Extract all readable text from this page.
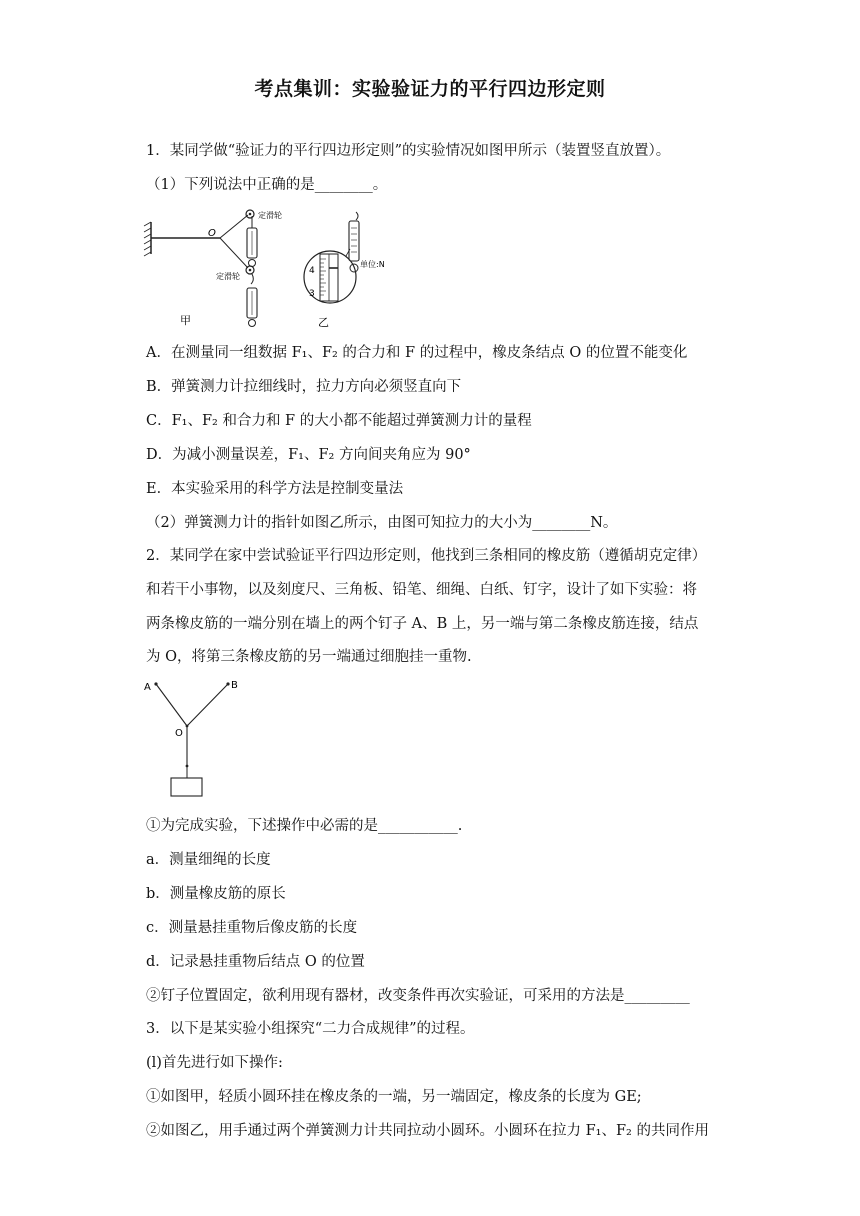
考点集训：实验验证力的平行四边形定则
1．某同学做“验证力的平行四边形定则”的实验情况如图甲所示（装置竖直放置）。
（1）下列说法中正确的是________。
O
定滑轮
定滑轮
甲
4
3
单位:N
乙
A．在测量同一组数据 F₁、F₂ 的合力和 F 的过程中，橡皮条结点 O 的位置不能变化
B．弹簧测力计拉细线时，拉力方向必须竖直向下
C．F₁、F₂ 和合力和 F 的大小都不能超过弹簧测力计的量程
D．为减小测量误差，F₁、F₂ 方向间夹角应为 90°
E．本实验采用的科学方法是控制变量法
（2）弹簧测力计的指针如图乙所示，由图可知拉力的大小为________N。
2．某同学在家中尝试验证平行四边形定则，他找到三条相同的橡皮筋（遵循胡克定律）
和若干小事物，以及刻度尺、三角板、铅笔、细绳、白纸、钉字，设计了如下实验：将
两条橡皮筋的一端分别在墙上的两个钉子 A、B 上，另一端与第二条橡皮筋连接，结点
为 O，将第三条橡皮筋的另一端通过细胞挂一重物.
A	B
O
①为完成实验，下述操作中必需的是___________.
a．测量细绳的长度
b．测量橡皮筋的原长
c．测量悬挂重物后像皮筋的长度
d．记录悬挂重物后结点 O 的位置
②钉子位置固定，欲利用现有器材，改变条件再次实验证，可采用的方法是_________
3．以下是某实验小组探究“二力合成规律”的过程。
(l)首先进行如下操作:
①如图甲，轻质小圆环挂在橡皮条的一端，另一端固定，橡皮条的长度为 GE;
②如图乙，用手通过两个弹簧测力计共同拉动小圆环。小圆环在拉力 F₁、F₂ 的共同作用
